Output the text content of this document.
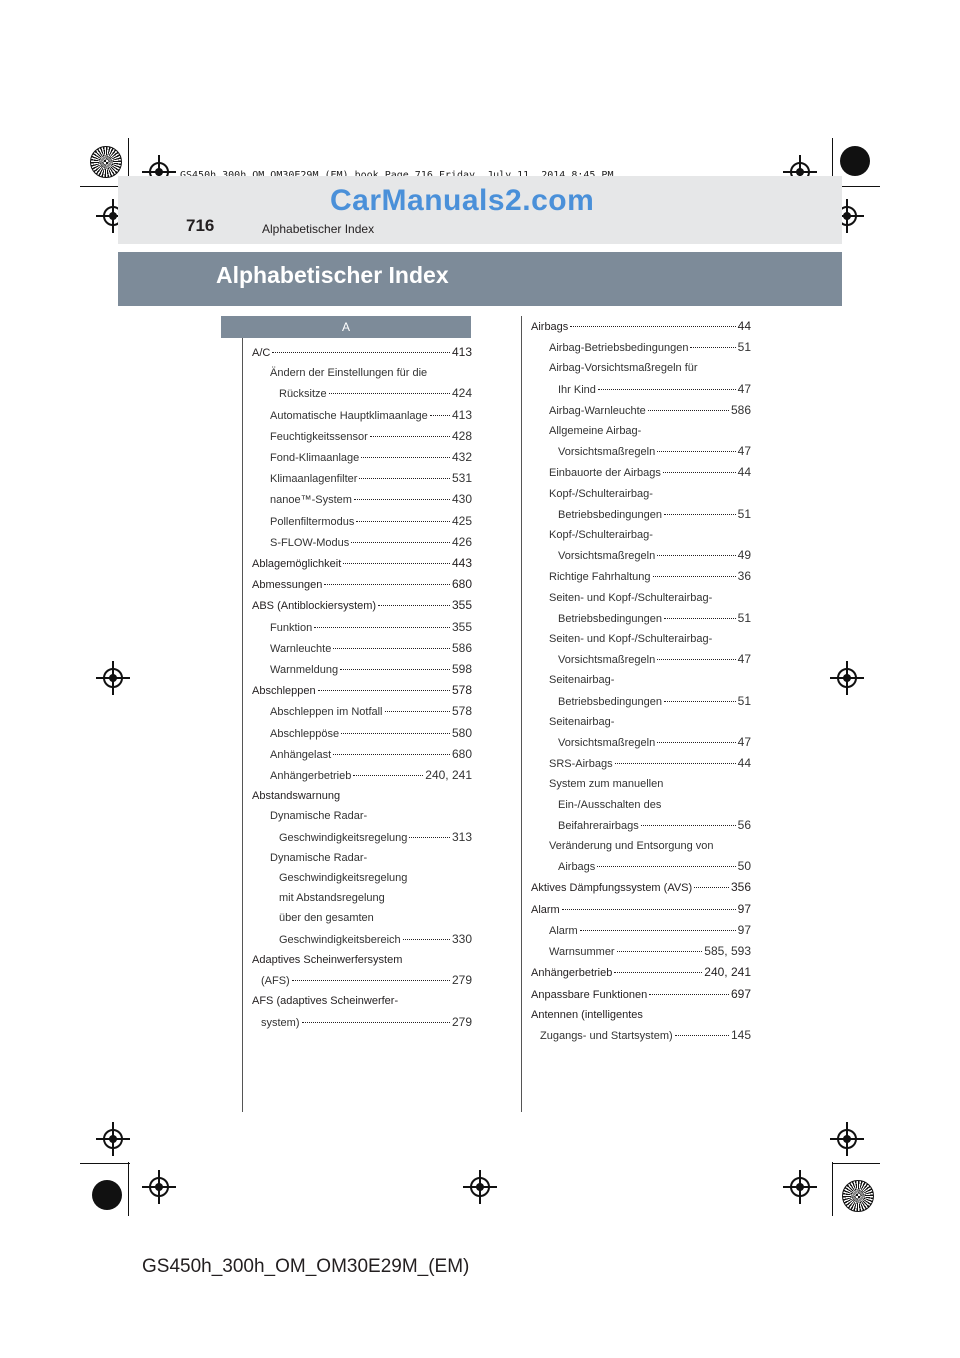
CarManuals2.com
716	Alphabetischer Index
Alphabetischer Index
A
A/C	413
Ändern der Einstellungen für die
Rücksitze	424
Automatische Hauptklimaanlage 413
Feuchtigkeitssensor	428
Fond-Klimaanlage	432
Klimaanlagenfilter	531
nanoe™-System	430
Pollenfiltermodus	425
S-FLOW-Modus	426
Ablagemöglichkeit	443
Abmessungen	680
ABS (Antiblockiersystem)	355
Funktion	355
Warnleuchte	586
Warnmeldung	598
Abschleppen	578
Abschleppen im Notfall	578
Abschleppöse	580
Anhängelast	680
Anhängerbetrieb	240, 241
Abstandswarnung
Dynamische Radar-
Geschwindigkeitsregelung	313
Dynamische Radar-
Geschwindigkeitsregelung
mit Abstandsregelung
über den gesamten
Geschwindigkeitsbereich	330
Adaptives Scheinwerfersystem
(AFS)	279
AFS (adaptives Scheinwerfer-
system)	279
Airbags	44
Airbag-Betriebsbedingungen	51
Airbag-Vorsichtsmaßregeln für
Ihr Kind	47
Airbag-Warnleuchte	586
Allgemeine Airbag-
Vorsichtsmaßregeln	47
Einbauorte der Airbags	44
Kopf-/Schulterairbag-
Betriebsbedingungen	51
Kopf-/Schulterairbag-
Vorsichtsmaßregeln	49
Richtige Fahrhaltung	36
Seiten- und Kopf-/Schulterairbag-
Betriebsbedingungen	51
Seiten- und Kopf-/Schulterairbag-
Vorsichtsmaßregeln	47
Seitenairbag-
Betriebsbedingungen	51
Seitenairbag-
Vorsichtsmaßregeln	47
SRS-Airbags	44
System zum manuellen
Ein-/Ausschalten des
Beifahrerairbags	56
Veränderung und Entsorgung von
Airbags	50
Aktives Dämpfungssystem (AVS)	356
Alarm	97
Alarm	97
Warnsummer	585, 593
Anhängerbetrieb	240, 241
Anpassbare Funktionen	697
Antennen (intelligentes
Zugangs- und Startsystem)	145
GS450h_300h_OM_OM30E29M_(EM)
